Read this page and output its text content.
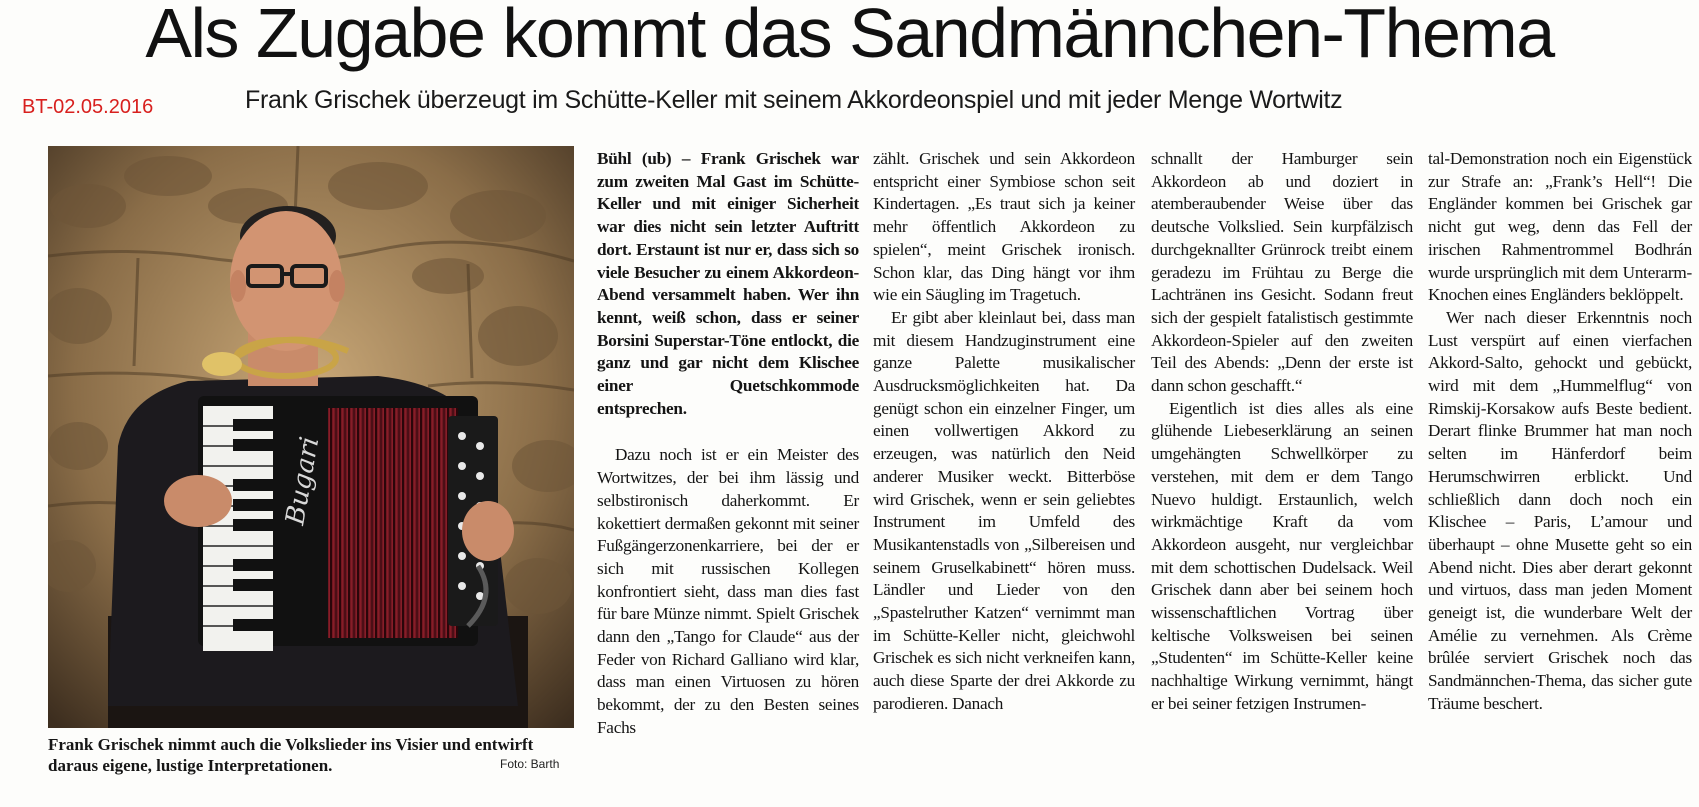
Als Zugabe kommt das Sandmännchen-Thema
BT-02.05.2016	Frank Grischek überzeugt im Schütte-Keller mit seinem Akkordeonspiel und mit jeder Menge Wortwitz
Bugari
Frank Grischek nimmt auch die Volkslieder ins Visier und entwirft daraus eigene, lustige Interpretationen.	Foto: Barth

Bühl (ub) – Frank Grischek war zum zweiten Mal Gast im Schütte-Keller und mit einiger Sicherheit war dies nicht sein letzter Auftritt dort. Erstaunt ist nur er, dass sich so viele Besucher zu einem Akkordeon-Abend versammelt haben. Wer ihn kennt, weiß schon, dass er seiner Borsini Superstar-Töne entlockt, die ganz und gar nicht dem Klischee einer Quetschkommode entsprechen.

Dazu noch ist er ein Meister des Wortwitzes, der bei ihm lässig und selbstironisch daherkommt. Er kokettiert dermaßen gekonnt mit seiner Fußgängerzonenkarriere, bei der er sich mit russischen Kollegen konfrontiert sieht, dass man dies fast für bare Münze nimmt. Spielt Grischek dann den „Tango for Claude“ aus der Feder von Richard Galliano wird klar, dass man einen Virtuosen zu hören bekommt, der zu den Besten seines Fachs

zählt. Grischek und sein Akkordeon entspricht einer Symbiose schon seit Kindertagen. „Es traut sich ja keiner mehr öffentlich Akkordeon zu spielen“, meint Grischek ironisch. Schon klar, das Ding hängt vor ihm wie ein Säugling im Tragetuch.

Er gibt aber kleinlaut bei, dass man mit diesem Handzuginstrument eine ganze Palette musikalischer Ausdrucksmöglichkeiten hat. Da genügt schon ein einzelner Finger, um einen vollwertigen Akkord zu erzeugen, was natürlich den Neid anderer Musiker weckt. Bitterböse wird Grischek, wenn er sein geliebtes Instrument im Umfeld des Musikantenstadls von „Silbereisen und seinem Gruselkabinett“ hören muss. Ländler und Lieder von den „Spastelruther Katzen“ vernimmt man im Schütte-Keller nicht, gleichwohl Grischek es sich nicht verkneifen kann, auch diese Sparte der drei Akkorde zu parodieren. Danach

schnallt der Hamburger sein Akkordeon ab und doziert in atemberaubender Weise über das deutsche Volkslied. Sein kurpfälzisch durchgeknallter Grünrock treibt einem geradezu im Frühtau zu Berge die Lachtränen ins Gesicht. Sodann freut sich der gespielt fatalistisch gestimmte Akkordeon-Spieler auf den zweiten Teil des Abends: „Denn der erste ist dann schon geschafft.“

Eigentlich ist dies alles als eine glühende Liebeserklärung an seinen umgehängten Schwellkörper zu verstehen, mit dem er dem Tango Nuevo huldigt. Erstaunlich, welch wirkmächtige Kraft da vom Akkordeon ausgeht, nur vergleichbar mit dem schottischen Dudelsack. Weil Grischek dann aber bei seinem hoch wissenschaftlichen Vortrag über keltische Volksweisen bei seinen „Studenten“ im Schütte-Keller keine nachhaltige Wirkung vernimmt, hängt er bei seiner fetzigen Instrumen-

tal-Demonstration noch ein Eigenstück zur Strafe an: „Frank’s Hell“! Die Engländer kommen bei Grischek gar nicht gut weg, denn das Fell der irischen Rahmentrommel Bodhrán wurde ursprünglich mit dem Unterarm-Knochen eines Engländers beklöppelt.

Wer nach dieser Erkenntnis noch Lust verspürt auf einen vierfachen Akkord-Salto, gehockt und gebückt, wird mit dem „Hummelflug“ von Rimskij-Korsakow aufs Beste bedient. Derart flinke Brummer hat man noch selten im Hänferdorf beim Herumschwirren erblickt. Und schließlich dann doch noch ein Klischee – Paris, L’amour und überhaupt – ohne Musette geht so ein Abend nicht. Dies aber derart gekonnt und virtuos, dass man jeden Moment geneigt ist, die wunderbare Welt der Amélie zu vernehmen. Als Crème brûlée serviert Grischek noch das Sandmännchen-Thema, das sicher gute Träume beschert.
